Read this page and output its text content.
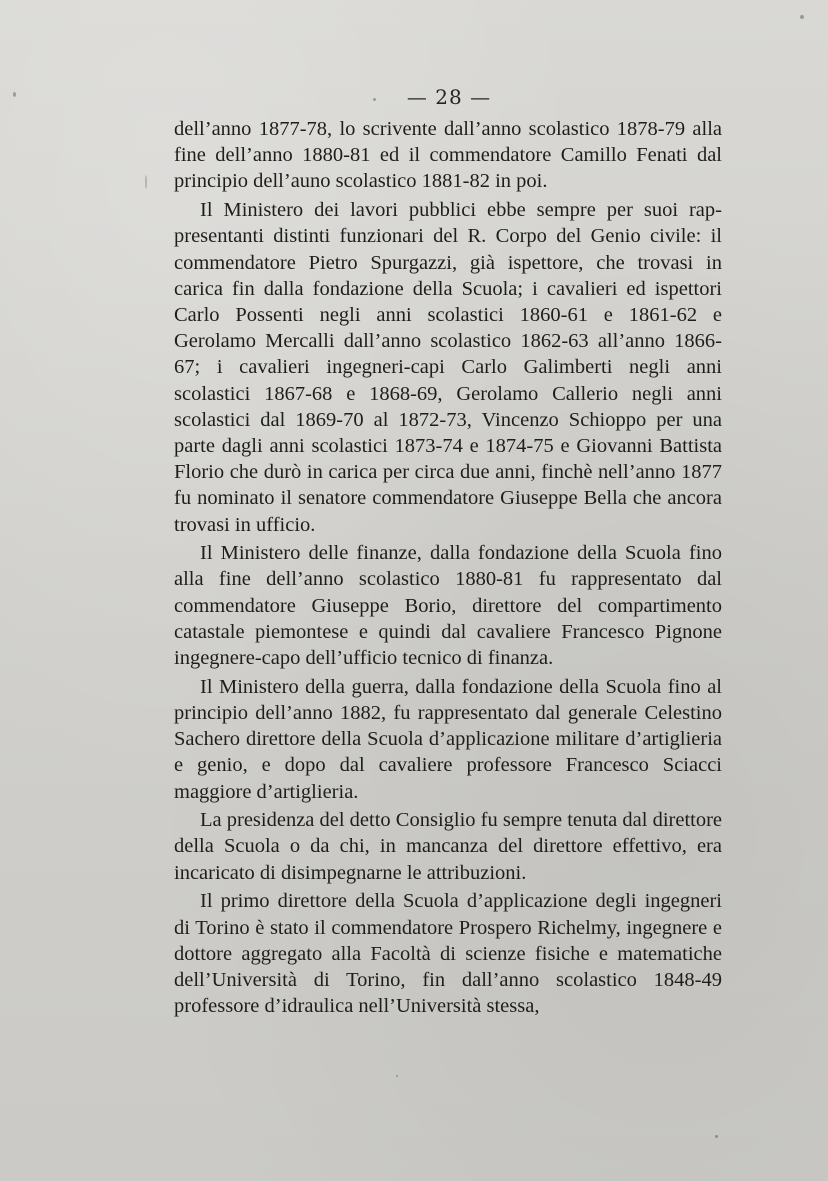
— 28 —

dell’anno 1877-78, lo scrivente dall’anno scolastico 1878-79 alla fine dell’anno 1880-81 ed il commendatore Camillo Fenati dal principio dell’auno scolastico 1881-82 in poi.

Il Ministero dei lavori pubblici ebbe sempre per suoi rappresentanti distinti funzionari del R. Corpo del Genio civile: il commendatore Pietro Spurgazzi, già ispettore, che trovasi in carica fin dalla fondazione della Scuola; i cavalieri ed ispettori Carlo Possenti negli anni scolastici 1860-61 e 1861-62 e Gerolamo Mercalli dall’anno scolastico 1862-63 all’anno 1866-67; i cavalieri ingegneri-capi Carlo Galimberti negli anni scolastici 1867-68 e 1868-69, Gerolamo Callerio negli anni scolastici dal 1869-70 al 1872-73, Vincenzo Schioppo per una parte dagli anni scolastici 1873-74 e 1874-75 e Giovanni Battista Florio che durò in carica per circa due anni, finchè nell’anno 1877 fu nominato il senatore commendatore Giuseppe Bella che ancora trovasi in ufficio.

Il Ministero delle finanze, dalla fondazione della Scuola fino alla fine dell’anno scolastico 1880-81 fu rappresentato dal commendatore Giuseppe Borio, direttore del compartimento catastale piemontese e quindi dal cavaliere Francesco Pignone ingegnere-capo dell’ufficio tecnico di finanza.

Il Ministero della guerra, dalla fondazione della Scuola fino al principio dell’anno 1882, fu rappresentato dal generale Celestino Sachero direttore della Scuola d’applicazione militare d’artiglieria e genio, e dopo dal cavaliere professore Francesco Sciacci maggiore d’artiglieria.

La presidenza del detto Consiglio fu sempre tenuta dal direttore della Scuola o da chi, in mancanza del direttore effettivo, era incaricato di disimpegnarne le attribuzioni.

Il primo direttore della Scuola d’applicazione degli ingegneri di Torino è stato il commendatore Prospero Richelmy, ingegnere e dottore aggregato alla Facoltà di scienze fisiche e matematiche dell’Università di Torino, fin dall’anno scolastico 1848-49 professore d’idraulica nell’Università stessa,
